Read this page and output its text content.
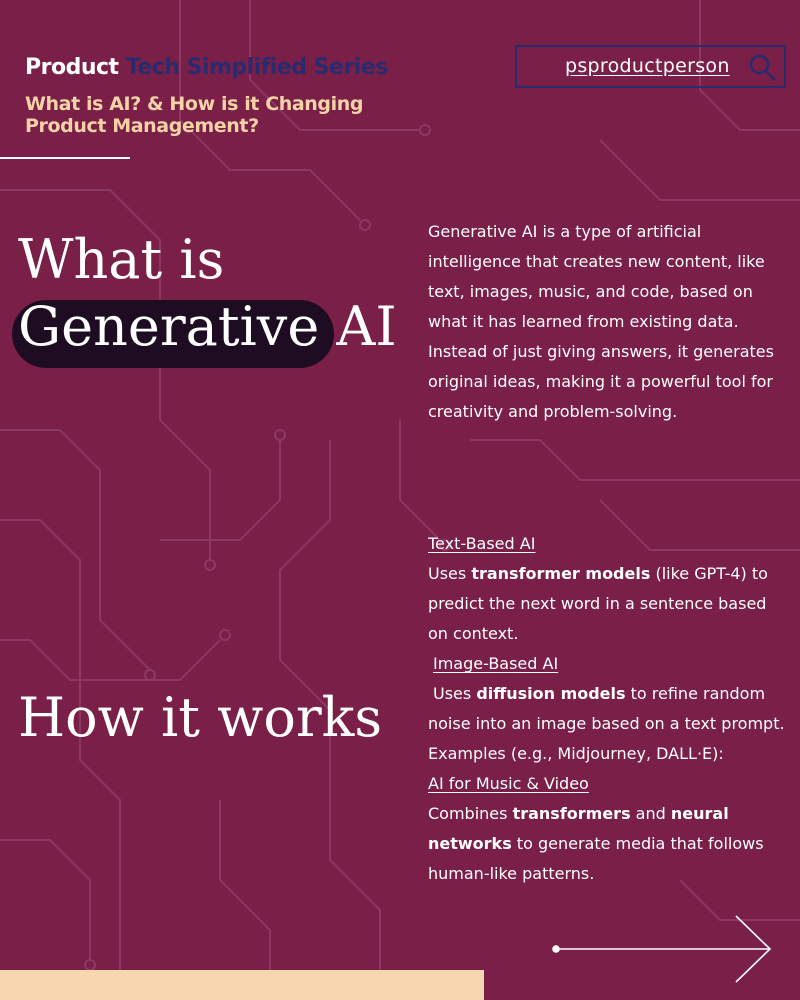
Product Tech Simplified Series
What is AI? & How is it Changing
Product Management?
psproductperson
What is
Generative AI

Generative AI is a type of artificial intelligence that creates new content, like text, images, music, and code, based on what it has learned from existing data. Instead of just giving answers, it generates original ideas, making it a powerful tool for creativity and problem-solving.

How it works
Text-Based AI
Uses transformer models (like GPT-4) to predict the next word in a sentence based on context.
Image-Based AI
Uses diffusion models to refine random noise into an image based on a text prompt.
Examples (e.g., Midjourney, DALL·E):
AI for Music & Video
Combines transformers and neural networks to generate media that follows human-like patterns.
